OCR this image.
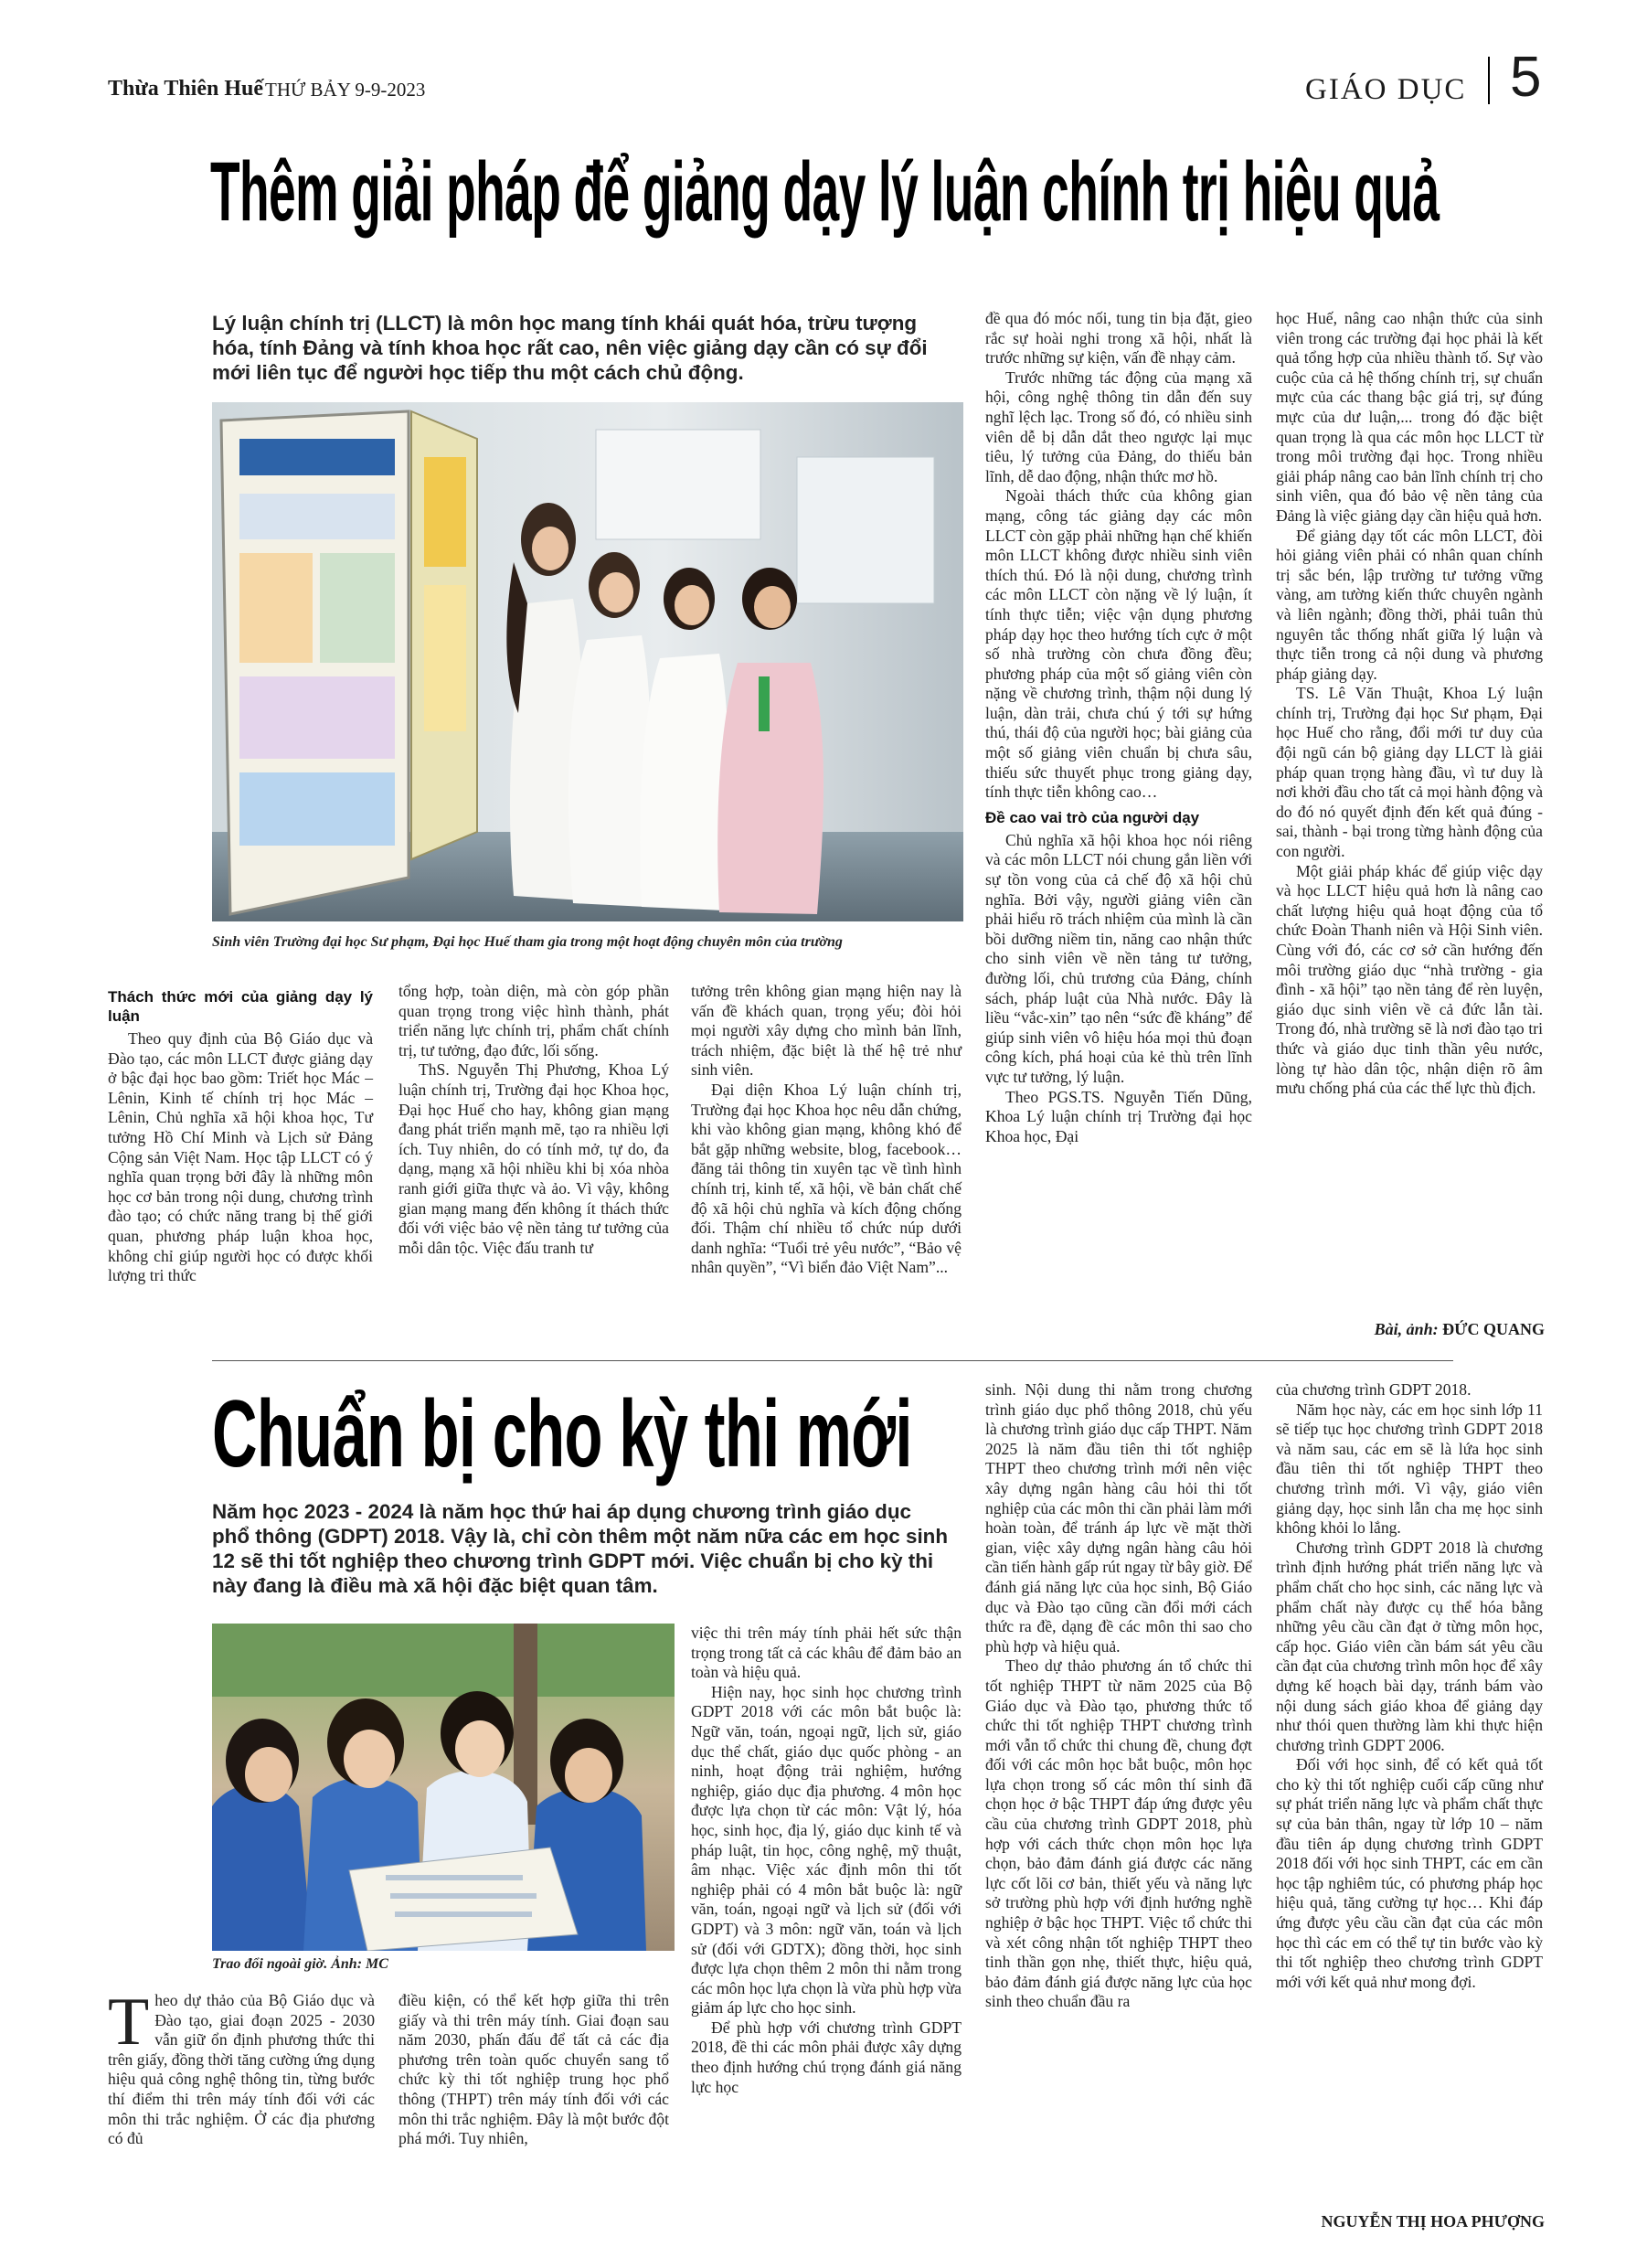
Thừa Thiên Huế THỨ BẢY 9-9-2023	GIÁO DỤC 5
Thêm giải pháp để giảng dạy lý luận chính trị hiệu quả
Lý luận chính trị (LLCT) là môn học mang tính khái quát hóa, trừu tượng hóa, tính Đảng và tính khoa học rất cao, nên việc giảng dạy cần có sự đổi mới liên tục để người học tiếp thu một cách chủ động.
Sinh viên Trường đại học Sư phạm, Đại học Huế tham gia trong một hoạt động chuyên môn của trường
Thách thức mới của giảng dạy lý luận

Theo quy định của Bộ Giáo dục và Đào tạo, các môn LLCT được giảng dạy ở bậc đại học bao gồm: Triết học Mác – Lênin, Kinh tế chính trị học Mác – Lênin, Chủ nghĩa xã hội khoa học, Tư tưởng Hồ Chí Minh và Lịch sử Đảng Cộng sản Việt Nam. Học tập LLCT có ý nghĩa quan trọng bởi đây là những môn học cơ bản trong nội dung, chương trình đào tạo; có chức năng trang bị thế giới quan, phương pháp luận khoa học, không chỉ giúp người học có được khối lượng tri thức

tổng hợp, toàn diện, mà còn góp phần quan trọng trong việc hình thành, phát triển năng lực chính trị, phẩm chất chính trị, tư tưởng, đạo đức, lối sống.

ThS. Nguyễn Thị Phương, Khoa Lý luận chính trị, Trường đại học Khoa học, Đại học Huế cho hay, không gian mạng đang phát triển mạnh mẽ, tạo ra nhiều lợi ích. Tuy nhiên, do có tính mở, tự do, đa dạng, mạng xã hội nhiều khi bị xóa nhòa ranh giới giữa thực và ảo. Vì vậy, không gian mạng mang đến không ít thách thức đối với việc bảo vệ nền tảng tư tưởng của mỗi dân tộc. Việc đấu tranh tư

tưởng trên không gian mạng hiện nay là vấn đề khách quan, trọng yếu; đòi hỏi mọi người xây dựng cho mình bản lĩnh, trách nhiệm, đặc biệt là thế hệ trẻ như sinh viên.

Đại diện Khoa Lý luận chính trị, Trường đại học Khoa học nêu dẫn chứng, khi vào không gian mạng, không khó để bắt gặp những website, blog, facebook… đăng tải thông tin xuyên tạc về tình hình chính trị, kinh tế, xã hội, về bản chất chế độ xã hội chủ nghĩa và kích động chống đối. Thậm chí nhiều tổ chức núp dưới danh nghĩa: “Tuổi trẻ yêu nước”, “Bảo vệ nhân quyền”, “Vì biển đảo Việt Nam”...

đề qua đó móc nối, tung tin bịa đặt, gieo rắc sự hoài nghi trong xã hội, nhất là trước những sự kiện, vấn đề nhạy cảm.

Trước những tác động của mạng xã hội, công nghệ thông tin dẫn đến suy nghĩ lệch lạc. Trong số đó, có nhiều sinh viên dễ bị dẫn dắt theo ngược lại mục tiêu, lý tưởng của Đảng, do thiếu bản lĩnh, dễ dao động, nhận thức mơ hồ.

Ngoài thách thức của không gian mạng, công tác giảng dạy các môn LLCT còn gặp phải những hạn chế khiến môn LLCT không được nhiều sinh viên thích thú. Đó là nội dung, chương trình các môn LLCT còn nặng về lý luận, ít tính thực tiễn; việc vận dụng phương pháp dạy học theo hướng tích cực ở một số nhà trường còn chưa đồng đều; phương pháp của một số giảng viên còn nặng về chương trình, thậm nội dung lý luận, dàn trải, chưa chú ý tới sự hứng thú, thái độ của người học; bài giảng của một số giảng viên chuẩn bị chưa sâu, thiếu sức thuyết phục trong giảng dạy, tính thực tiễn không cao…

Đề cao vai trò của người dạy

Chủ nghĩa xã hội khoa học nói riêng và các môn LLCT nói chung gắn liền với sự tồn vong của cả chế độ xã hội chủ nghĩa. Bởi vậy, người giảng viên cần phải hiểu rõ trách nhiệm của mình là cần bồi dưỡng niềm tin, năng cao nhận thức cho sinh viên về nền tảng tư tưởng, đường lối, chủ trương của Đảng, chính sách, pháp luật của Nhà nước. Đây là liều “vắc-xin” tạo nên “sức đề kháng” để giúp sinh viên vô hiệu hóa mọi thủ đoạn công kích, phá hoại của kẻ thù trên lĩnh vực tư tưởng, lý luận.

Theo PGS.TS. Nguyễn Tiến Dũng, Khoa Lý luận chính trị Trường đại học Khoa học, Đại

học Huế, nâng cao nhận thức của sinh viên trong các trường đại học phải là kết quả tổng hợp của nhiều thành tố. Sự vào cuộc của cả hệ thống chính trị, sự chuẩn mực của các thang bậc giá trị, sự đúng mực của dư luận,... trong đó đặc biệt quan trọng là qua các môn học LLCT từ trong môi trường đại học. Trong nhiều giải pháp nâng cao bản lĩnh chính trị cho sinh viên, qua đó bảo vệ nền tảng của Đảng là việc giảng dạy cần hiệu quả hơn.

Để giảng dạy tốt các môn LLCT, đòi hỏi giảng viên phải có nhân quan chính trị sắc bén, lập trường tư tưởng vững vàng, am tường kiến thức chuyên ngành và liên ngành; đồng thời, phải tuân thủ nguyên tắc thống nhất giữa lý luận và thực tiễn trong cả nội dung và phương pháp giảng dạy.

TS. Lê Văn Thuật, Khoa Lý luận chính trị, Trường đại học Sư phạm, Đại học Huế cho rằng, đổi mới tư duy của đội ngũ cán bộ giảng dạy LLCT là giải pháp quan trọng hàng đầu, vì tư duy là nơi khởi đầu cho tất cả mọi hành động và do đó nó quyết định đến kết quả đúng - sai, thành - bại trong từng hành động của con người.

Một giải pháp khác để giúp việc dạy và học LLCT hiệu quả hơn là nâng cao chất lượng hiệu quả hoạt động của tổ chức Đoàn Thanh niên và Hội Sinh viên. Cùng với đó, các cơ sở cần hướng đến môi trường giáo dục “nhà trường - gia đình - xã hội” tạo nền tảng để rèn luyện, giáo dục sinh viên về cả đức lẫn tài. Trong đó, nhà trường sẽ là nơi đào tạo tri thức và giáo dục tinh thần yêu nước, lòng tự hào dân tộc, nhận diện rõ âm mưu chống phá của các thế lực thù địch.

Bài, ảnh: ĐỨC QUANG
Chuẩn bị cho kỳ thi mới
Năm học 2023 - 2024 là năm học thứ hai áp dụng chương trình giáo dục phổ thông (GDPT) 2018. Vậy là, chỉ còn thêm một năm nữa các em học sinh 12 sẽ thi tốt nghiệp theo chương trình GDPT mới. Việc chuẩn bị cho kỳ thi này đang là điều mà xã hội đặc biệt quan tâm.
Trao đổi ngoài giờ. Ảnh: MC

Theo dự thảo của Bộ Giáo dục và Đào tạo, giai đoạn 2025 - 2030 vẫn giữ ổn định phương thức thi trên giấy, đồng thời tăng cường ứng dụng hiệu quả công nghệ thông tin, từng bước thí điểm thi trên máy tính đối với các môn thi trắc nghiệm. Ở các địa phương có đủ

điều kiện, có thể kết hợp giữa thi trên giấy và thi trên máy tính. Giai đoạn sau năm 2030, phấn đấu để tất cả các địa phương trên toàn quốc chuyển sang tổ chức kỳ thi tốt nghiệp trung học phổ thông (THPT) trên máy tính đối với các môn thi trắc nghiệm. Đây là một bước đột phá mới. Tuy nhiên,

việc thi trên máy tính phải hết sức thận trọng trong tất cả các khâu để đảm bảo an toàn và hiệu quả.

Hiện nay, học sinh học chương trình GDPT 2018 với các môn bắt buộc là: Ngữ văn, toán, ngoại ngữ, lịch sử, giáo dục thể chất, giáo dục quốc phòng - an ninh, hoạt động trải nghiệm, hướng nghiệp, giáo dục địa phương. 4 môn học được lựa chọn từ các môn: Vật lý, hóa học, sinh học, địa lý, giáo dục kinh tế và pháp luật, tin học, công nghệ, mỹ thuật, âm nhạc. Việc xác định môn thi tốt nghiệp phải có 4 môn bắt buộc là: ngữ văn, toán, ngoại ngữ và lịch sử (đối với GDPT) và 3 môn: ngữ văn, toán và lịch sử (đối với GDTX); đồng thời, học sinh được lựa chọn thêm 2 môn thi nằm trong các môn học lựa chọn là vừa phù hợp vừa giảm áp lực cho học sinh.

Để phù hợp với chương trình GDPT 2018, đề thi các môn phải được xây dựng theo định hướng chú trọng đánh giá năng lực học

sinh. Nội dung thi nằm trong chương trình giáo dục phổ thông 2018, chủ yếu là chương trình giáo dục cấp THPT. Năm 2025 là năm đầu tiên thi tốt nghiệp THPT theo chương trình mới nên việc xây dựng ngân hàng câu hỏi thi tốt nghiệp của các môn thi cần phải làm mới hoàn toàn, để tránh áp lực về mặt thời gian, việc xây dựng ngân hàng câu hỏi cần tiến hành gấp rút ngay từ bây giờ. Để đánh giá năng lực của học sinh, Bộ Giáo dục và Đào tạo cũng cần đổi mới cách thức ra đề, dạng đề các môn thi sao cho phù hợp và hiệu quả.

Theo dự thảo phương án tổ chức thi tốt nghiệp THPT từ năm 2025 của Bộ Giáo dục và Đào tạo, phương thức tổ chức thi tốt nghiệp THPT chương trình mới vẫn tổ chức thi chung đề, chung đợt đối với các môn học bắt buộc, môn học lựa chọn trong số các môn thí sinh đã chọn học ở bậc THPT đáp ứng được yêu cầu của chương trình GDPT 2018, phù hợp với cách thức chọn môn học lựa chọn, bảo đảm đánh giá được các năng lực cốt lõi cơ bản, thiết yếu và năng lực sở trường phù hợp với định hướng nghề nghiệp ở bậc học THPT. Việc tổ chức thi và xét công nhận tốt nghiệp THPT theo tinh thần gọn nhẹ, thiết thực, hiệu quả, bảo đảm đánh giá được năng lực của học sinh theo chuẩn đầu ra

của chương trình GDPT 2018.

Năm học này, các em học sinh lớp 11 sẽ tiếp tục học chương trình GDPT 2018 và năm sau, các em sẽ là lứa học sinh đầu tiên thi tốt nghiệp THPT theo chương trình mới. Vì vậy, giáo viên giảng dạy, học sinh lẫn cha mẹ học sinh không khỏi lo lắng.

Chương trình GDPT 2018 là chương trình định hướng phát triển năng lực và phẩm chất cho học sinh, các năng lực và phẩm chất này được cụ thể hóa bằng những yêu cầu cần đạt ở từng môn học, cấp học. Giáo viên cần bám sát yêu cầu cần đạt của chương trình môn học để xây dựng kế hoạch bài dạy, tránh bám vào nội dung sách giáo khoa để giảng dạy như thói quen thường làm khi thực hiện chương trình GDPT 2006.

Đối với học sinh, để có kết quả tốt cho kỳ thi tốt nghiệp cuối cấp cũng như sự phát triển năng lực và phẩm chất thực sự của bản thân, ngay từ lớp 10 – năm đầu tiên áp dụng chương trình GDPT 2018 đối với học sinh THPT, các em cần học tập nghiêm túc, có phương pháp học hiệu quả, tăng cường tự học… Khi đáp ứng được yêu cầu cần đạt của các môn học thì các em có thể tự tin bước vào kỳ thi tốt nghiệp theo chương trình GDPT mới với kết quả như mong đợi.

NGUYỄN THỊ HOA PHƯỢNG
